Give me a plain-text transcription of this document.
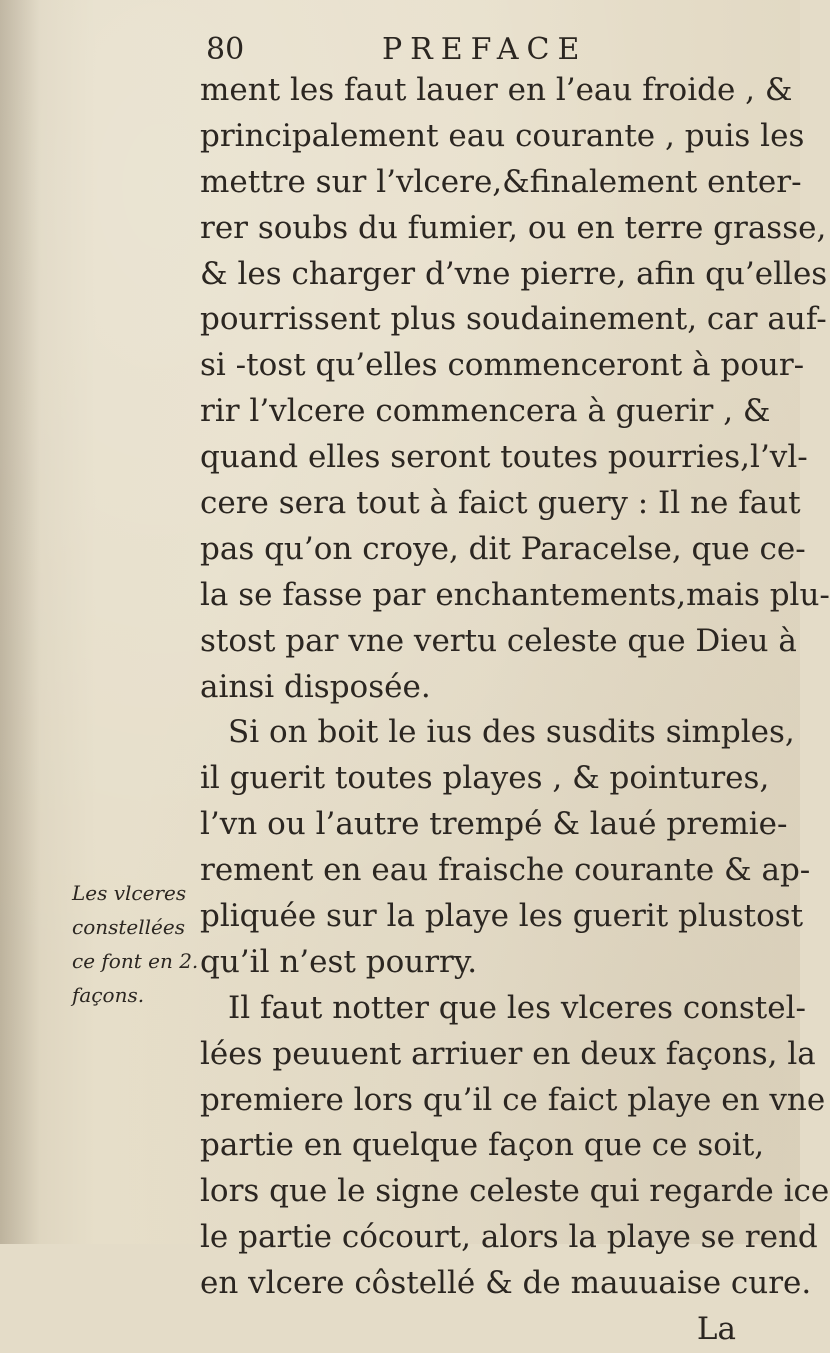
80	PREFACE
ment les faut lauer en l’eau froide , &
principalement eau courante , puis les
mettre sur l’vlcere,&finalement enter-
rer soubs du fumier, ou en terre grasse,
& les charger d’vne pierre, afin qu’elles
pourrissent plus soudainement, car auf-
si -tost qu’elles commenceront à pour-
rir l’vlcere commencera à guerir , &
quand elles seront toutes pourries,l’vl-
cere sera tout à faict guery : Il ne faut
pas qu’on croye, dit Paracelse, que ce-
la se fasse par enchantements,mais plu-
stost par vne vertu celeste que Dieu à
ainsi disposée.
Si on boit le ius des susdits simples,
il guerit toutes playes , & pointures,
l’vn ou l’autre trempé & laué premie-
rement en eau fraische courante & ap-
pliquée sur la playe les guerit plustost
qu’il n’est pourry.
Il faut notter que les vlceres constel-
lées peuuent arriuer en deux façons, la
premiere lors qu’il ce faict playe en vne
partie en quelque façon que ce soit,
lors que le signe celeste qui regarde ice
le partie cócourt, alors la playe se rend
en vlcere côstellé & de mauuaise cure.
La
Les vlceres
constellées
ce font en 2.
façons.
